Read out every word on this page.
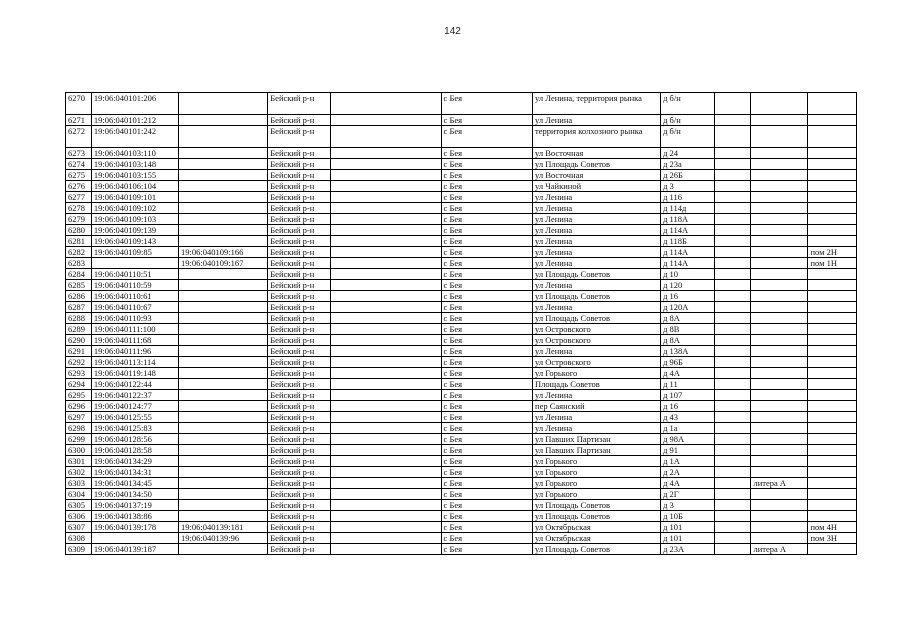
142
6270	19:06:040101:206		Бейский р-н		с Бея	ул Ленина, территория рынка	д б/н			
6271	19:06:040101:212		Бейский р-н		с Бея	ул Ленина	д б/н			
6272	19:06:040101:242		Бейский р-н		с Бея	территория колхозного рынка	д б/н			
6273	19:06:040103:110		Бейский р-н		с Бея	ул Восточная	д 24			
6274	19:06:040103:148		Бейский р-н		с Бея	ул Площадь Советов	д 23а			
6275	19:06:040103:155		Бейский р-н		с Бея	ул Восточная	д 26Б			
6276	19:06:040106:104		Бейский р-н		с Бея	ул Чайкиной	д 3			
6277	19:06:040109:101		Бейский р-н		с Бея	ул Ленина	д 116			
6278	19:06:040109:102		Бейский р-н		с Бея	ул Ленина	д 114д			
6279	19:06:040109:103		Бейский р-н		с Бея	ул Ленина	д 118А			
6280	19:06:040109:139		Бейский р-н		с Бея	ул Ленина	д 114А			
6281	19:06:040109:143		Бейский р-н		с Бея	ул Ленина	д 118Б			
6282	19:06:040109:85	19:06:040109:166	Бейский р-н		с Бея	ул Ленина	д 114А			пом 2Н
6283		19:06:040109:167	Бейский р-н		с Бея	ул Ленина	д 114А			пом 1Н
6284	19:06:040110:51		Бейский р-н		с Бея	ул Площадь Советов	д 10			
6285	19:06:040110:59		Бейский р-н		с Бея	ул Ленина	д 120			
6286	19:06:040110:61		Бейский р-н		с Бея	ул Площадь Советов	д 16			
6287	19:06:040110:67		Бейский р-н		с Бея	ул Ленина	д 120А			
6288	19:06:040110:93		Бейский р-н		с Бея	ул Площадь Советов	д 8А			
6289	19:06:040111:100		Бейский р-н		с Бея	ул Островского	д 8В			
6290	19:06:040111:68		Бейский р-н		с Бея	ул Островского	д 8А			
6291	19:06:040111:96		Бейский р-н		с Бея	ул Ленина	д 138А			
6292	19:06:040113:114		Бейский р-н		с Бея	ул Островского	д 96Б			
6293	19:06:040119:148		Бейский р-н		с Бея	ул Горького	д 4А			
6294	19:06:040122:44		Бейский р-н		с Бея	Площадь Советов	д 11			
6295	19:06:040122:37		Бейский р-н		с Бея	ул Ленина	д 107			
6296	19:06:040124:77		Бейский р-н		с Бея	пер Саянский	д 16			
6297	19:06:040125:55		Бейский р-н		с Бея	ул Ленина	д 43			
6298	19:06:040125:83		Бейский р-н		с Бея	ул Ленина	д 1а			
6299	19:06:040128:56		Бейский р-н		с Бея	ул Павших Партизан	д 98А			
6300	19:06:040128:58		Бейский р-н		с Бея	ул Павших Партизан	д 91			
6301	19:06:040134:29		Бейский р-н		с Бея	ул Горького	д 1А			
6302	19:06:040134:31		Бейский р-н		с Бея	ул Горького	д 2А			
6303	19:06:040134:45		Бейский р-н		с Бея	ул Горького	д 4А		литера А	
6304	19:06:040134:50		Бейский р-н		с Бея	ул Горького	д 2Г			
6305	19:06:040137:19		Бейский р-н		с Бея	ул Площадь Советов	д 3			
6306	19:06:040138:86		Бейский р-н		с Бея	ул Площадь Советов	д 10Б			
6307	19:06:040139:178	19:06:040139:181	Бейский р-н		с Бея	ул Октябрьская	д 101			пом 4Н
6308		19:06:040139:96	Бейский р-н		с Бея	ул Октябрьская	д 101			пом 3Н
6309	19:06:040139:187		Бейский р-н		с Бея	ул Площадь Советов	д 23А		литера А	
